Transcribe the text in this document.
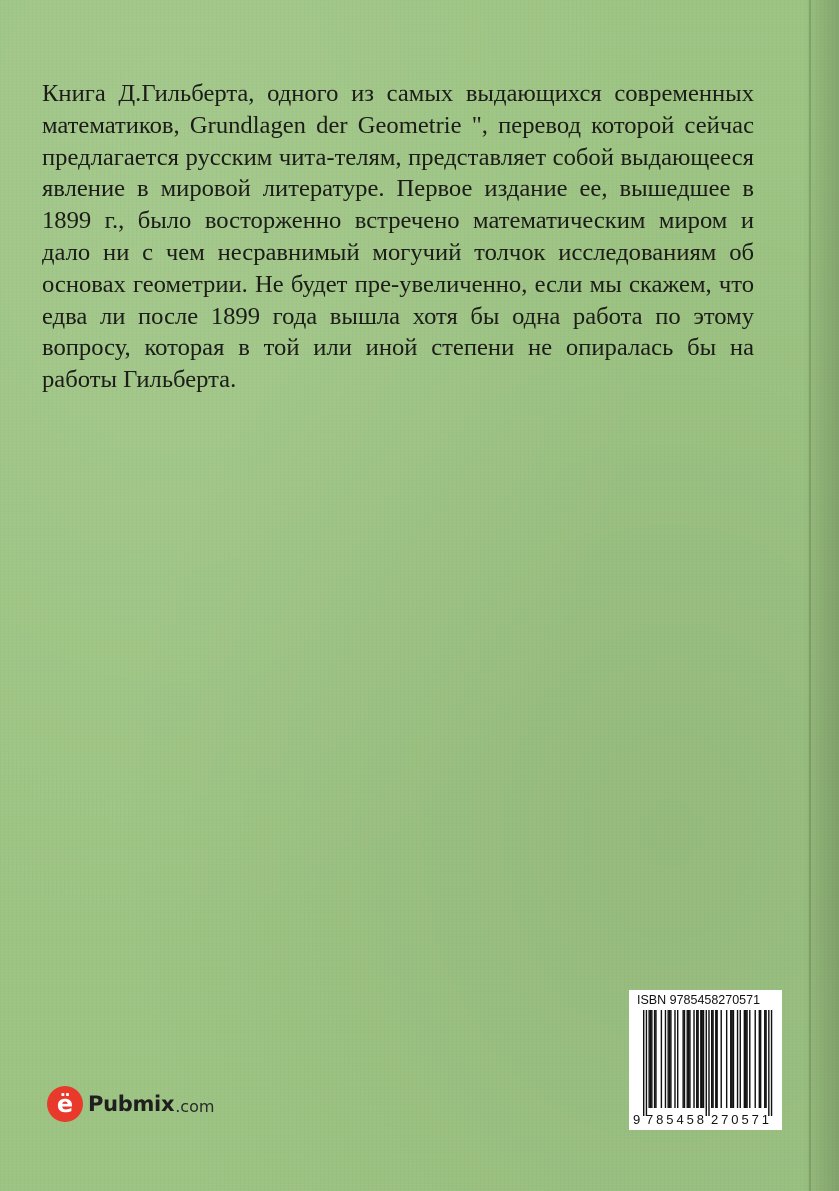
Книга Д.Гильберта, одного из самых выдающихся современных математиков, Grundlagen der Geometrie ", перевод которой сейчас предлагается русским чита-телям, представляет собой выдающееся явление в мировой литературе. Первое издание ее, вышедшее в 1899 г., было восторженно встречено математическим миром и дало ни с чем несравнимый могучий толчок исследованиям об основах геометрии. Не будет пре-увеличенно, если мы скажем, что едва ли после 1899 года вышла хотя бы одна работа по этому вопросу, которая в той или иной степени не опиралась бы на работы Гильберта.

ISBN 9785458270571
9 785458 270571
ё Pubmix .com
